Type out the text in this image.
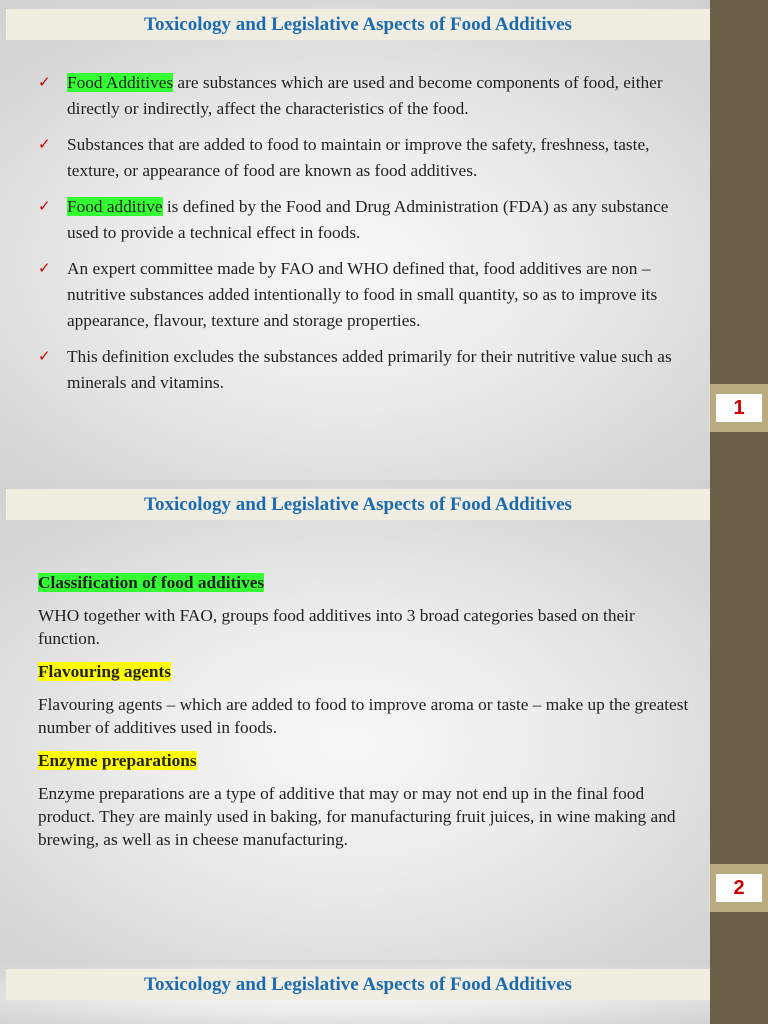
Toxicology and Legislative Aspects of Food Additives
✓ Food Additives are substances which are used and become components of food, either directly or indirectly, affect the characteristics of the food.
✓ Substances that are added to food to maintain or improve the safety, freshness, taste, texture, or appearance of food are known as food additives.
✓ Food additive is defined by the Food and Drug Administration (FDA) as any substance used to provide a technical effect in foods.
✓ An expert committee made by FAO and WHO defined that, food additives are non – nutritive substances added intentionally to food in small quantity, so as to improve its appearance, flavour, texture and storage properties.
✓ This definition excludes the substances added primarily for their nutritive value such as minerals and vitamins.
1
Toxicology and Legislative Aspects of Food Additives
2

Classification of food additives

WHO together with FAO, groups food additives into 3 broad categories based on their function.

Flavouring agents

Flavouring agents – which are added to food to improve aroma or taste – make up the greatest number of additives used in foods.

Enzyme preparations

Enzyme preparations are a type of additive that may or may not end up in the final food product. They are mainly used in baking, for manufacturing fruit juices, in wine making and brewing, as well as in cheese manufacturing.

Toxicology and Legislative Aspects of Food Additives
